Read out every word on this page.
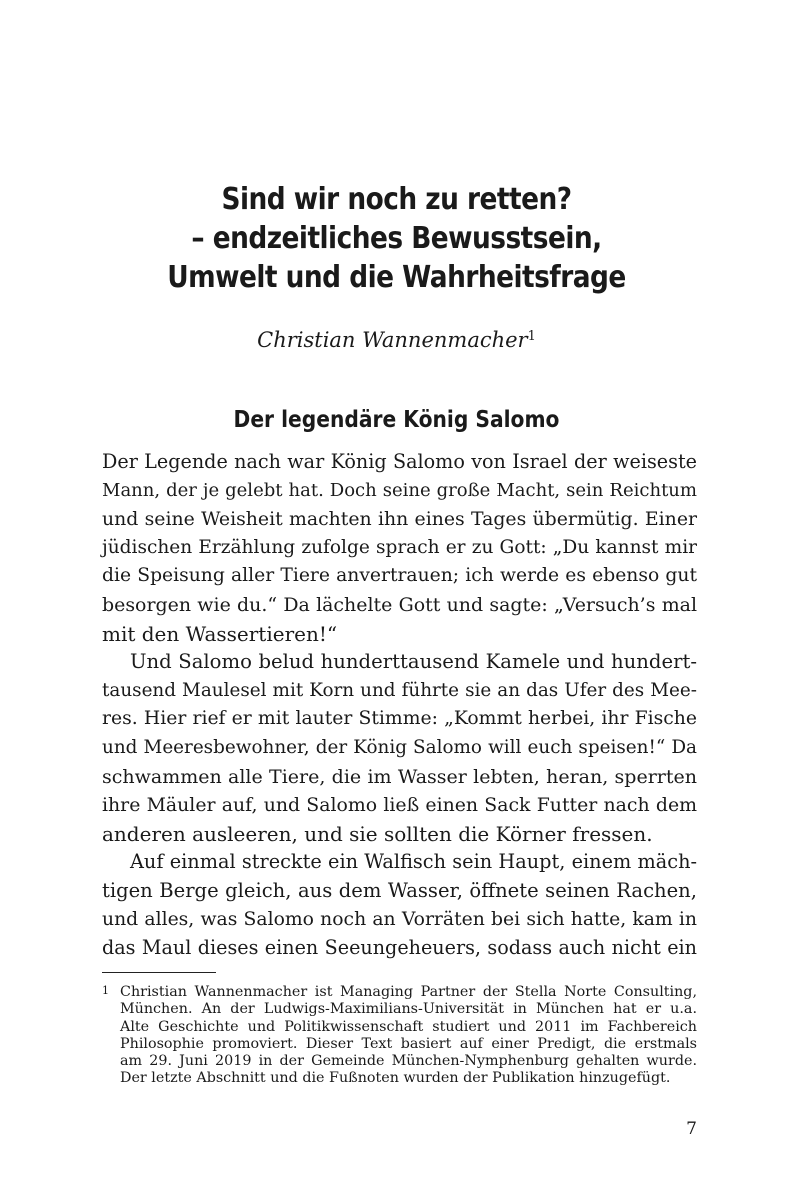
Sind wir noch zu retten?
– endzeitliches Bewusstsein,
Umwelt und die Wahrheitsfrage
Christian Wannenmacher$^1$
Der legendäre König Salomo
Der Legende nach war König Salomo von Israel der weiseste
Mann, der je gelebt hat. Doch seine große Macht, sein Reichtum
und seine Weisheit machten ihn eines Tages übermütig. Einer
jüdischen Erzählung zufolge sprach er zu Gott: „Du kannst mir
die Speisung aller Tiere anvertrauen; ich werde es ebenso gut
besorgen wie du.“ Da lächelte Gott und sagte: „Versuch’s mal
mit den Wassertieren!“
Und Salomo belud hunderttausend Kamele und hundert-
tausend Maulesel mit Korn und führte sie an das Ufer des Mee-
res. Hier rief er mit lauter Stimme: „Kommt herbei, ihr Fische
und Meeresbewohner, der König Salomo will euch speisen!“ Da
schwammen alle Tiere, die im Wasser lebten, heran, sperrten
ihre Mäuler auf, und Salomo ließ einen Sack Futter nach dem
anderen ausleeren, und sie sollten die Körner fressen.
Auf einmal streckte ein Walfisch sein Haupt, einem mäch-
tigen Berge gleich, aus dem Wasser, öffnete seinen Rachen,
und alles, was Salomo noch an Vorräten bei sich hatte, kam in
das Maul dieses einen Seeungeheuers, sodass auch nicht ein
1 Christian Wannenmacher ist Managing Partner der Stella Norte Consulting,
München. An der Ludwigs-Maximilians-Universität in München hat er u.a.
Alte Geschichte und Politikwissenschaft studiert und 2011 im Fachbereich
Philosophie promoviert. Dieser Text basiert auf einer Predigt, die erstmals
am 29. Juni 2019 in der Gemeinde München-Nymphenburg gehalten wurde.
Der letzte Abschnitt und die Fußnoten wurden der Publikation hinzugefügt.
7
